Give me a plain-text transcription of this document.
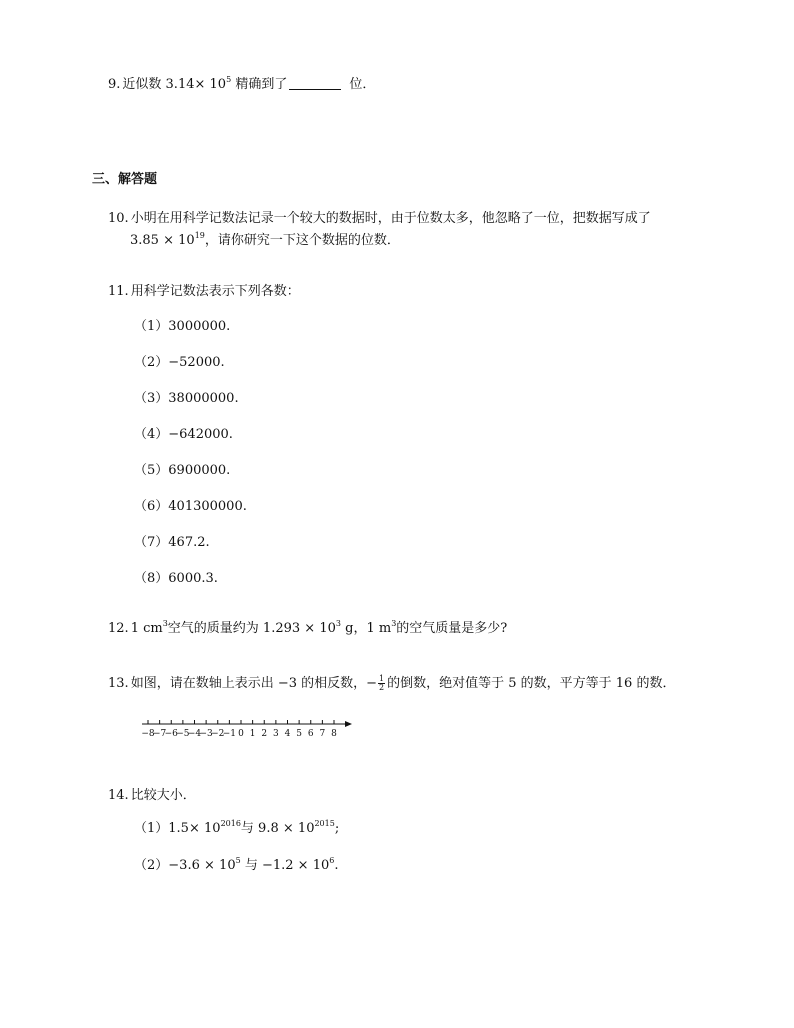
9. 近似数 $3.14\times 10^5$ 精确到了	位．
三、解答题
10. 小明在用科学记数法记录一个较大的数据时，由于位数太多，他忽略了一位，把数据写成了
$3.85 \times 10^{19}$，请你研究一下这个数据的位数．
11. 用科学记数法表示下列各数：
（1）3000000.
（2）−52000.
（3）38000000.
（4）−642000.
（5）6900000.
（6）401300000.
（7）467.2.
（8）6000.3.
12. 1 $cm^3$空气的质量约为 $1.293 \times 10^3$ g，1 $m^3$的空气质量是多少?
13. 如图，请在数轴上表示出 −3 的相反数，− $\frac{1}{2}$ 的倒数，绝对值等于 5 的数，平方等于 16 的数．
−8
−7
−6
−5
−4
−3
−2
−1 0 1 2 3 4 5 6 7 8
14. 比较大小．
$(1)1.5\times 10^{2016}$与 $9.8 \times 10^{2015}$;
$(2)-3.6 \times 10^5$ 与 $-1.2 \times 10^6$.
